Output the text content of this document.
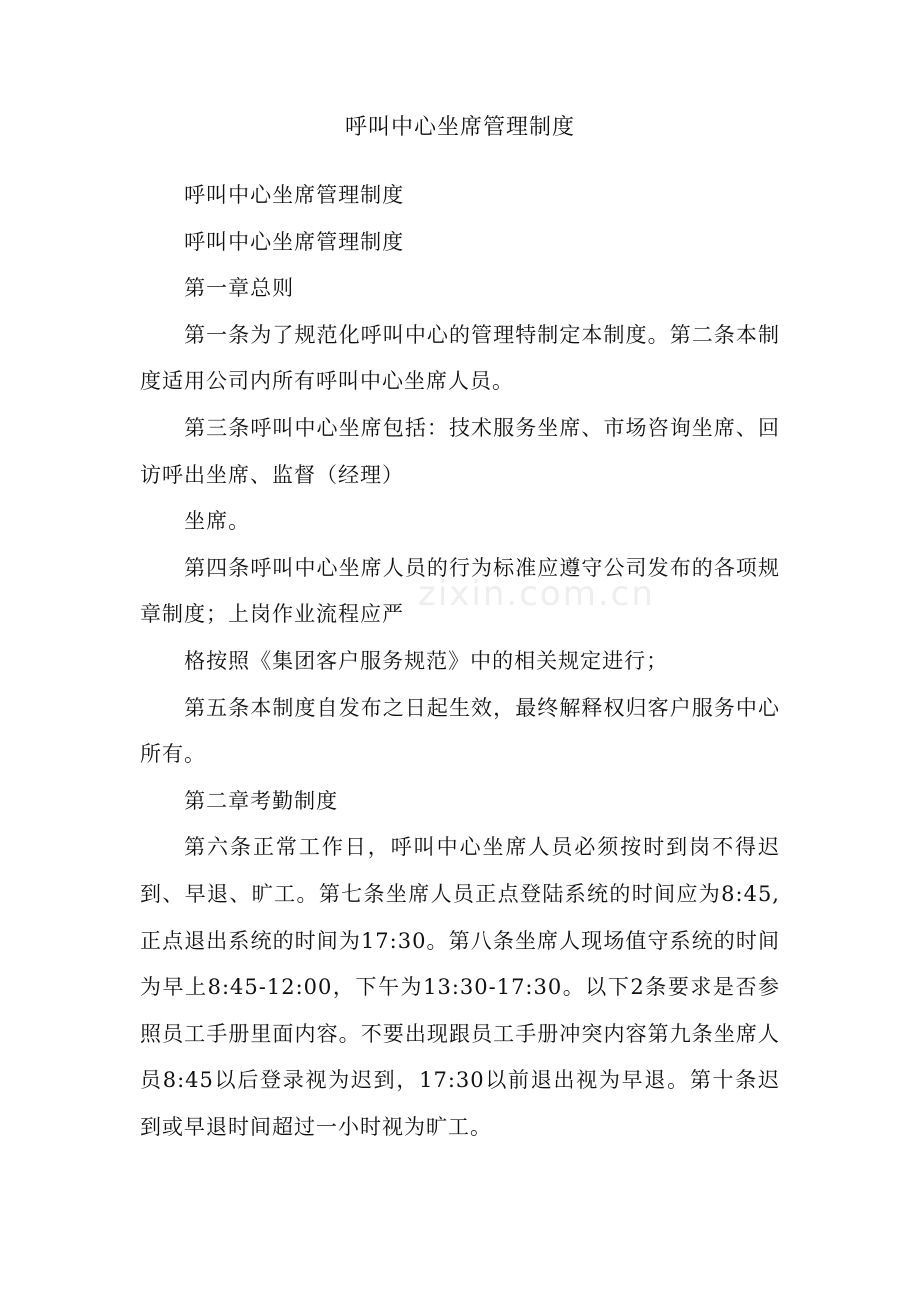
呼叫中心坐席管理制度

呼叫中心坐席管理制度

呼叫中心坐席管理制度

第一章总则

第一条为了规范化呼叫中心的管理特制定本制度。第二条本制度适用公司内所有呼叫中心坐席人员。

第三条呼叫中心坐席包括：技术服务坐席、市场咨询坐席、回访呼出坐席、监督（经理）

坐席。

第四条呼叫中心坐席人员的行为标准应遵守公司发布的各项规章制度；上岗作业流程应严

格按照《集团客户服务规范》中的相关规定进行；

第五条本制度自发布之日起生效，最终解释权归客户服务中心所有。

第二章考勤制度

第六条正常工作日，呼叫中心坐席人员必须按时到岗不得迟到、早退、旷工。第七条坐席人员正点登陆系统的时间应为8:45,正点退出系统的时间为17:30。第八条坐席人现场值守系统的时间为早上8:45-12:00，下午为13:30-17:30。以下2条要求是否参照员工手册里面内容。不要出现跟员工手册冲突内容第九条坐席人员8:45以后登录视为迟到，17:30以前退出视为早退。第十条迟到或早退时间超过一小时视为旷工。

zixin.com.cn
